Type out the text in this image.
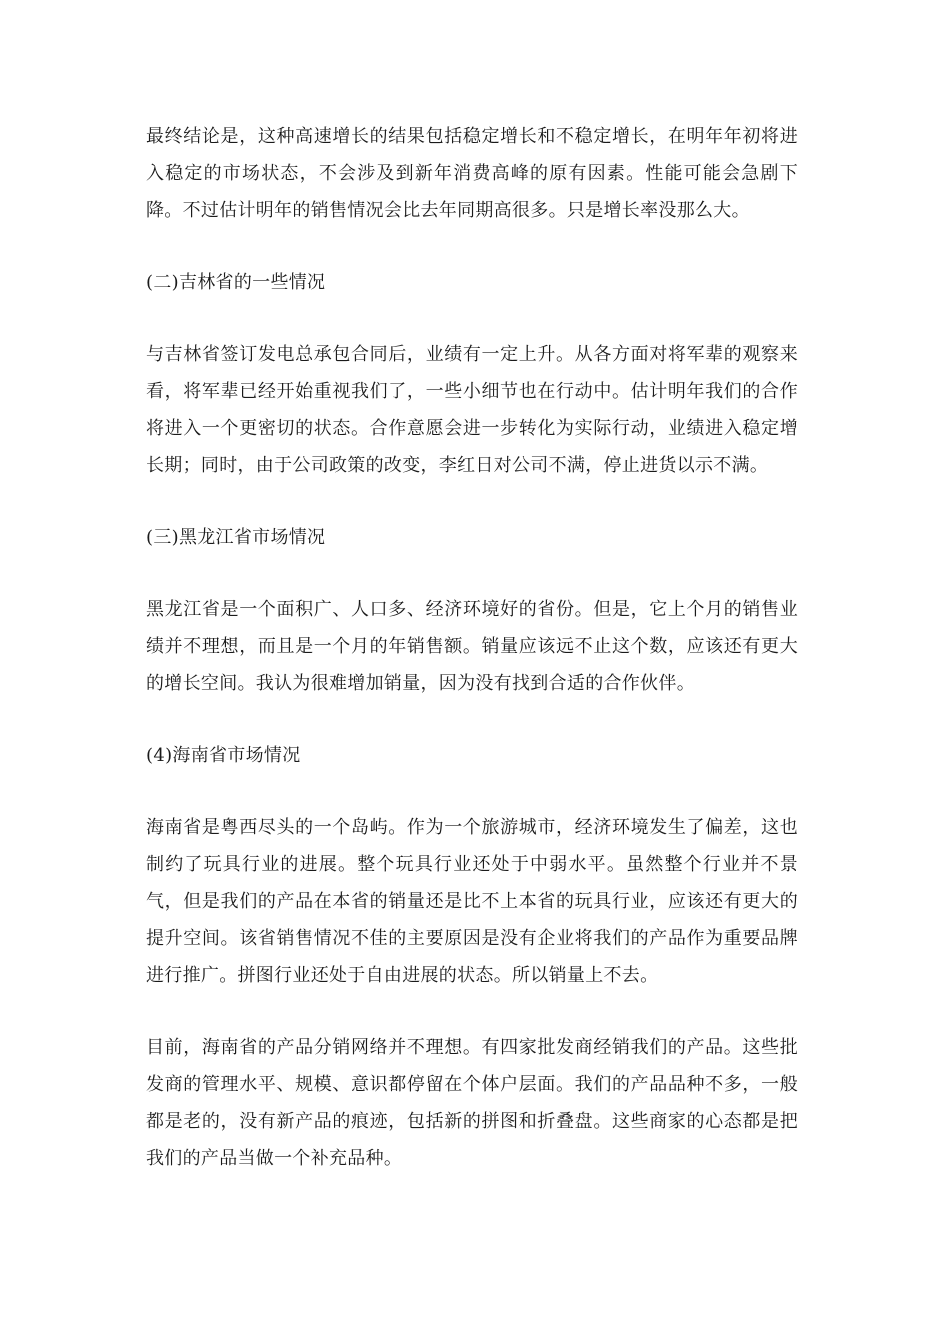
最终结论是，这种高速增长的结果包括稳定增长和不稳定增长，在明年年初将进入稳定的市场状态，不会涉及到新年消费高峰的原有因素。性能可能会急剧下降。不过估计明年的销售情况会比去年同期高很多。只是增长率没那么大。

(二)吉林省的一些情况

与吉林省签订发电总承包合同后，业绩有一定上升。从各方面对将军辈的观察来看，将军辈已经开始重视我们了，一些小细节也在行动中。估计明年我们的合作将进入一个更密切的状态。合作意愿会进一步转化为实际行动，业绩进入稳定增长期；同时，由于公司政策的改变，李红日对公司不满，停止进货以示不满。

(三)黑龙江省市场情况

黑龙江省是一个面积广、人口多、经济环境好的省份。但是，它上个月的销售业绩并不理想，而且是一个月的年销售额。销量应该远不止这个数，应该还有更大的增长空间。我认为很难增加销量，因为没有找到合适的合作伙伴。

(4)海南省市场情况

海南省是粤西尽头的一个岛屿。作为一个旅游城市，经济环境发生了偏差，这也制约了玩具行业的进展。整个玩具行业还处于中弱水平。虽然整个行业并不景气，但是我们的产品在本省的销量还是比不上本省的玩具行业，应该还有更大的提升空间。该省销售情况不佳的主要原因是没有企业将我们的产品作为重要品牌进行推广。拼图行业还处于自由进展的状态。所以销量上不去。

目前，海南省的产品分销网络并不理想。有四家批发商经销我们的产品。这些批发商的管理水平、规模、意识都停留在个体户层面。我们的产品品种不多，一般都是老的，没有新产品的痕迹，包括新的拼图和折叠盘。这些商家的心态都是把我们的产品当做一个补充品种。
